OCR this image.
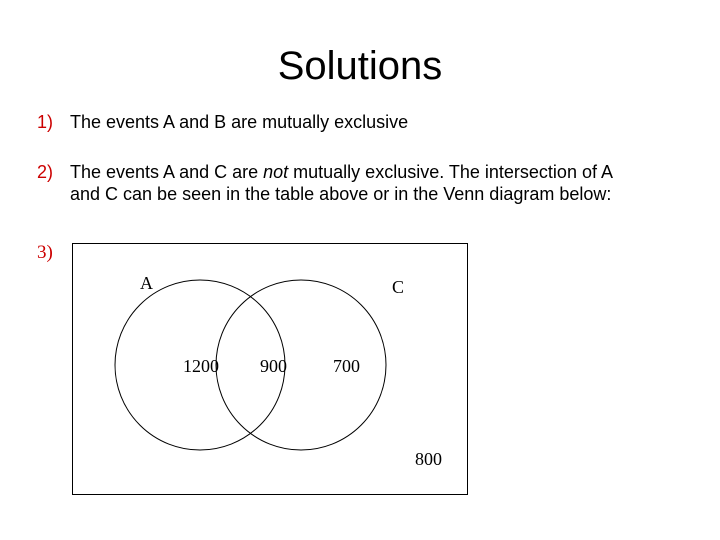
Solutions
1) The events A and B are mutually exclusive
2) The events A and C are not mutually exclusive. The intersection of A
and C can be seen in the table above or in the Venn diagram below:
3)
A	C
1200 900	700
800
